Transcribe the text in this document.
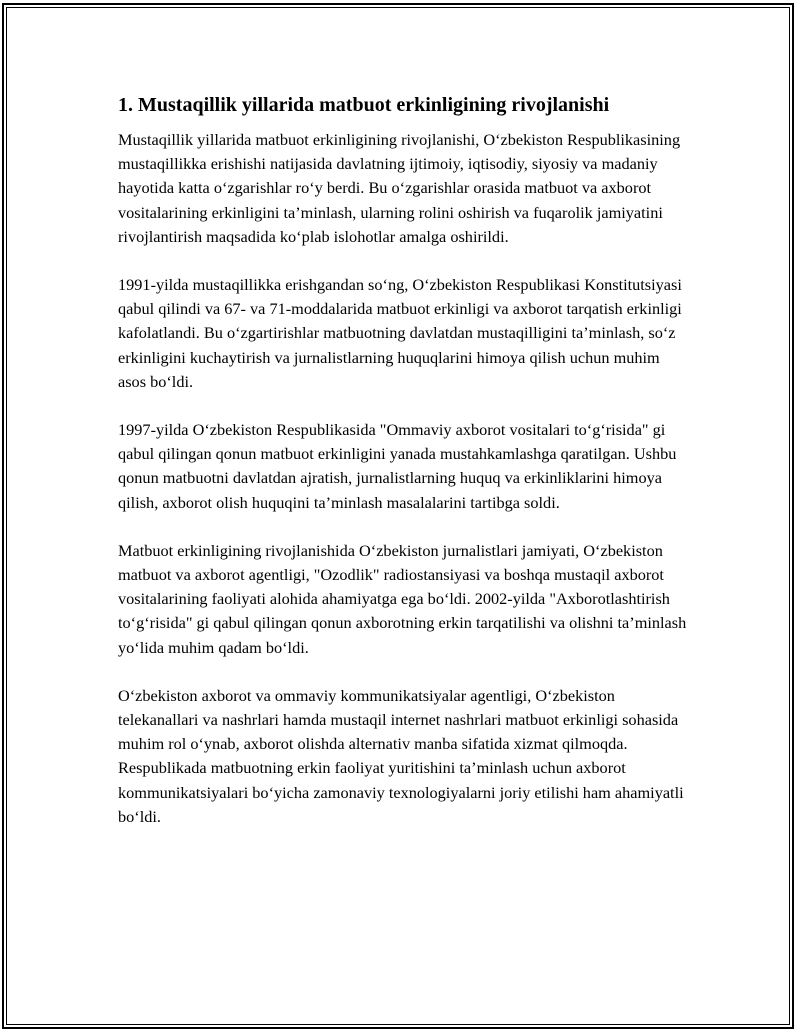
1. Mustaqillik yillarida matbuot erkinligining rivojlanishi

Mustaqillik yillarida matbuot erkinligining rivojlanishi, O‘zbekiston Respublikasining mustaqillikka erishishi natijasida davlatning ijtimoiy, iqtisodiy, siyosiy va madaniy hayotida katta o‘zgarishlar ro‘y berdi. Bu o‘zgarishlar orasida matbuot va axborot vositalarining erkinligini ta’minlash, ularning rolini oshirish va fuqarolik jamiyatini rivojlantirish maqsadida ko‘plab islohotlar amalga oshirildi.

1991-yilda mustaqillikka erishgandan so‘ng, O‘zbekiston Respublikasi Konstitutsiyasi qabul qilindi va 67- va 71-moddalarida matbuot erkinligi va axborot tarqatish erkinligi kafolatlandi. Bu o‘zgartirishlar matbuotning davlatdan mustaqilligini ta’minlash, so‘z erkinligini kuchaytirish va jurnalistlarning huquqlarini himoya qilish uchun muhim asos bo‘ldi.

1997-yilda O‘zbekiston Respublikasida "Ommaviy axborot vositalari to‘g‘risida" gi qabul qilingan qonun matbuot erkinligini yanada mustahkamlashga qaratilgan. Ushbu qonun matbuotni davlatdan ajratish, jurnalistlarning huquq va erkinliklarini himoya qilish, axborot olish huquqini ta’minlash masalalarini tartibga soldi.

Matbuot erkinligining rivojlanishida O‘zbekiston jurnalistlari jamiyati, O‘zbekiston matbuot va axborot agentligi, "Ozodlik" radiostansiyasi va boshqa mustaqil axborot vositalarining faoliyati alohida ahamiyatga ega bo‘ldi. 2002-yilda "Axborotlashtirish to‘g‘risida" gi qabul qilingan qonun axborotning erkin tarqatilishi va olishni ta’minlash yo‘lida muhim qadam bo‘ldi.

O‘zbekiston axborot va ommaviy kommunikatsiyalar agentligi, O‘zbekiston telekanallari va nashrlari hamda mustaqil internet nashrlari matbuot erkinligi sohasida muhim rol o‘ynab, axborot olishda alternativ manba sifatida xizmat qilmoqda. Respublikada matbuotning erkin faoliyat yuritishini ta’minlash uchun axborot kommunikatsiyalari bo‘yicha zamonaviy texnologiyalarni joriy etilishi ham ahamiyatli bo‘ldi.
